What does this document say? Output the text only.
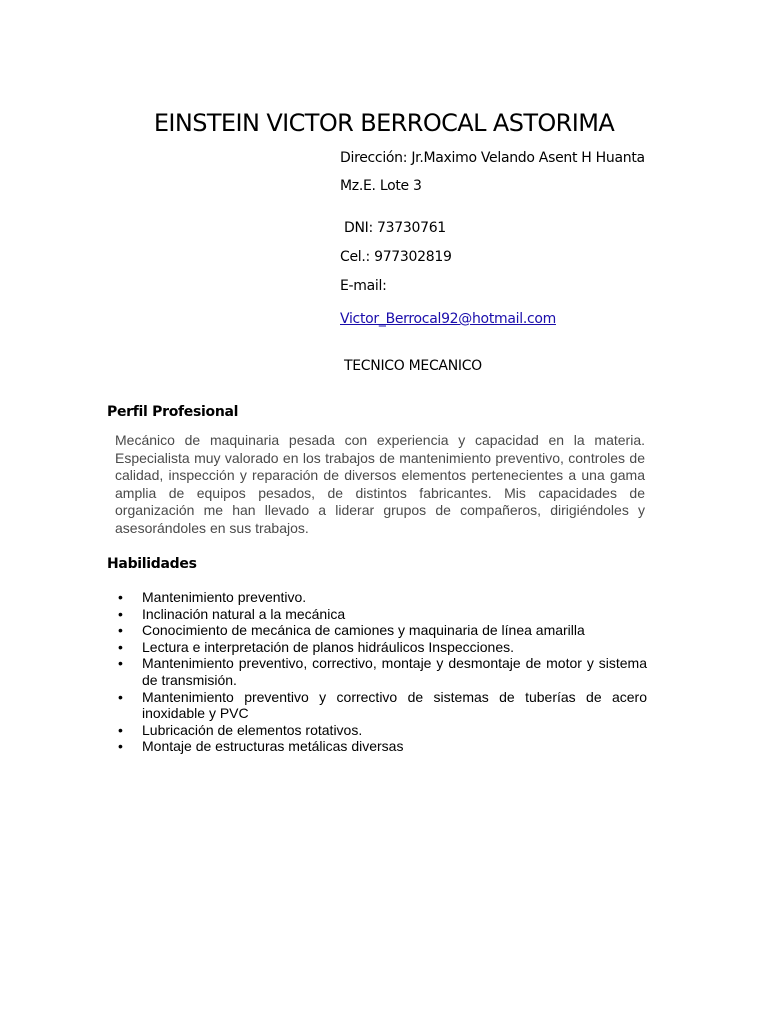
EINSTEIN VICTOR BERROCAL ASTORIMA
Dirección: Jr.Maximo Velando Asent H Huanta
Mz.E. Lote 3
DNI: 73730761
Cel.: 977302819
E-mail:
Victor_Berrocal92@hotmail.com
TECNICO MECANICO
Perfil Profesional

Mecánico de maquinaria pesada con experiencia y capacidad en la materia. Especialista muy valorado en los trabajos de mantenimiento preventivo, controles de calidad, inspección y reparación de diversos elementos pertenecientes a una gama amplia de equipos pesados, de distintos fabricantes. Mis capacidades de organización me han llevado a liderar grupos de compañeros, dirigiéndoles y asesorándoles en sus trabajos.

Habilidades
• Mantenimiento preventivo.
• Inclinación natural a la mecánica
• Conocimiento de mecánica de camiones y maquinaria de línea amarilla
• Lectura e interpretación de planos hidráulicos Inspecciones.
• Mantenimiento preventivo, correctivo, montaje y desmontaje de motor y sistema de transmisión.
• Mantenimiento preventivo y correctivo de sistemas de tuberías de acero inoxidable y PVC
• Lubricación de elementos rotativos.
• Montaje de estructuras metálicas diversas
